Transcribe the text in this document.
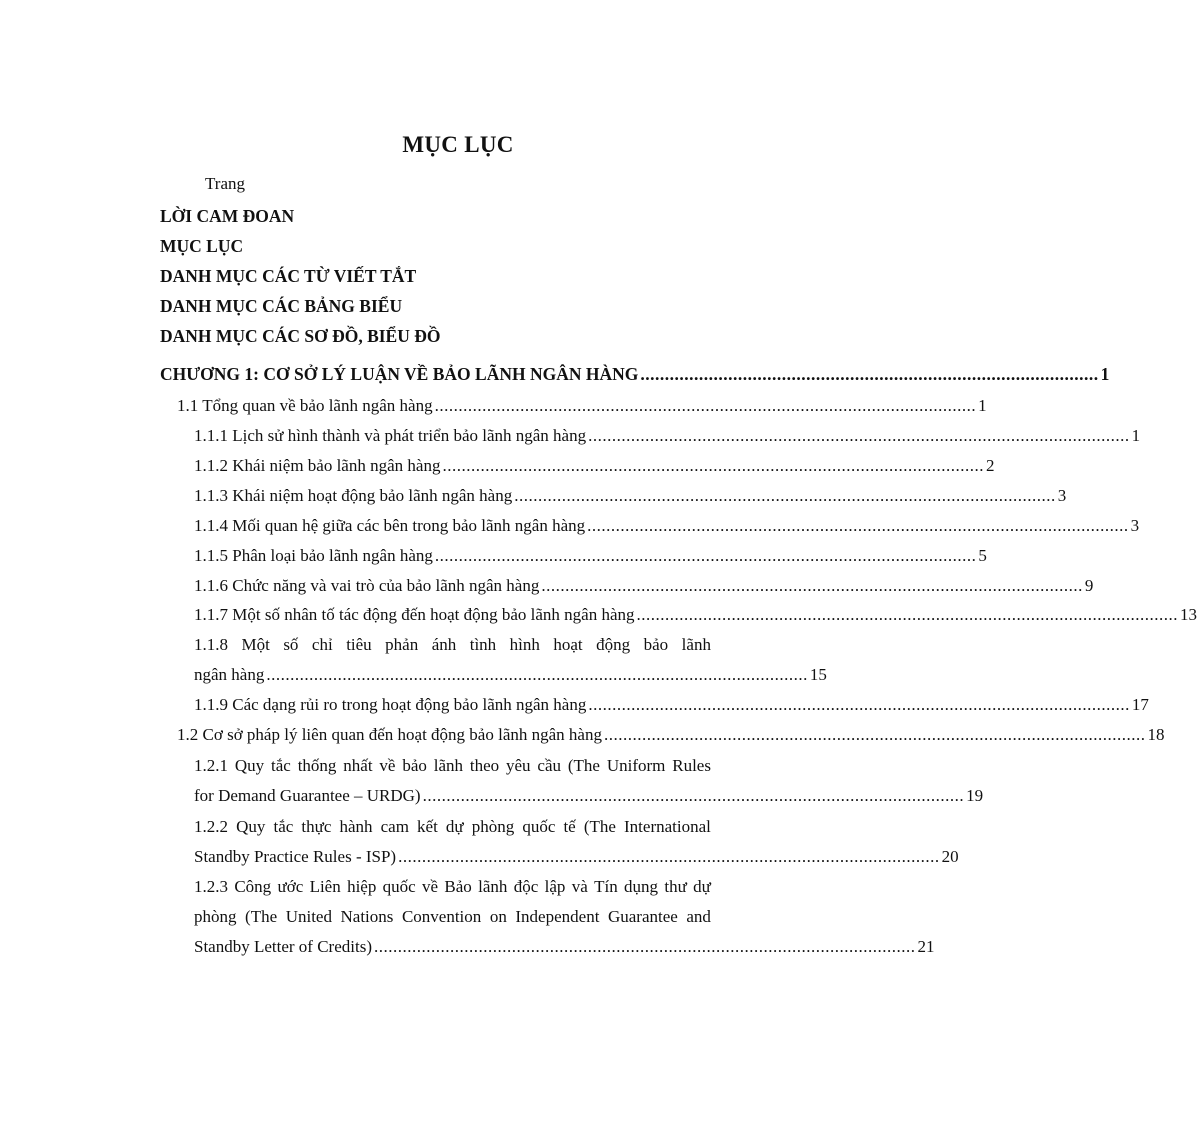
MỤC LỤC
Trang
LỜI CAM ĐOAN
MỤC LỤC
DANH MỤC CÁC TỪ VIẾT TẮT
DANH MỤC CÁC BẢNG BIỂU
DANH MỤC CÁC SƠ ĐỒ, BIỂU ĐỒ
CHƯƠNG 1: CƠ SỞ LÝ LUẬN VỀ BẢO LÃNH NGÂN HÀNG .............................................................................................. 1
1.1 Tổng quan về bảo lãnh ngân hàng .................................................................................................................. 1
1.1.1 Lịch sử hình thành và phát triển bảo lãnh ngân hàng .................................................................................................................. 1
1.1.2 Khái niệm bảo lãnh ngân hàng .................................................................................................................. 2
1.1.3 Khái niệm hoạt động bảo lãnh ngân hàng .................................................................................................................. 3
1.1.4 Mối quan hệ giữa các bên trong bảo lãnh ngân hàng .................................................................................................................. 3
1.1.5 Phân loại bảo lãnh ngân hàng .................................................................................................................. 5
1.1.6 Chức năng và vai trò của bảo lãnh ngân hàng .................................................................................................................. 9
1.1.7 Một số nhân tố tác động đến hoạt động bảo lãnh ngân hàng .................................................................................................................. 13
1.1.8 Một số chỉ tiêu phản ánh tình hình hoạt động bảo lãnh
ngân hàng .................................................................................................................. 15
1.1.9 Các dạng rủi ro trong hoạt động bảo lãnh ngân hàng .................................................................................................................. 17
1.2 Cơ sở pháp lý liên quan đến hoạt động bảo lãnh ngân hàng .................................................................................................................. 18
1.2.1 Quy tắc thống nhất về bảo lãnh theo yêu cầu (The Uniform Rules
for Demand Guarantee – URDG) .................................................................................................................. 19
1.2.2 Quy tắc thực hành cam kết dự phòng quốc tế (The International
Standby Practice Rules - ISP) .................................................................................................................. 20
1.2.3 Công ước Liên hiệp quốc về Bảo lãnh độc lập và Tín dụng thư dự
phòng (The United Nations Convention on Independent Guarantee and
Standby Letter of Credits) .................................................................................................................. 21
